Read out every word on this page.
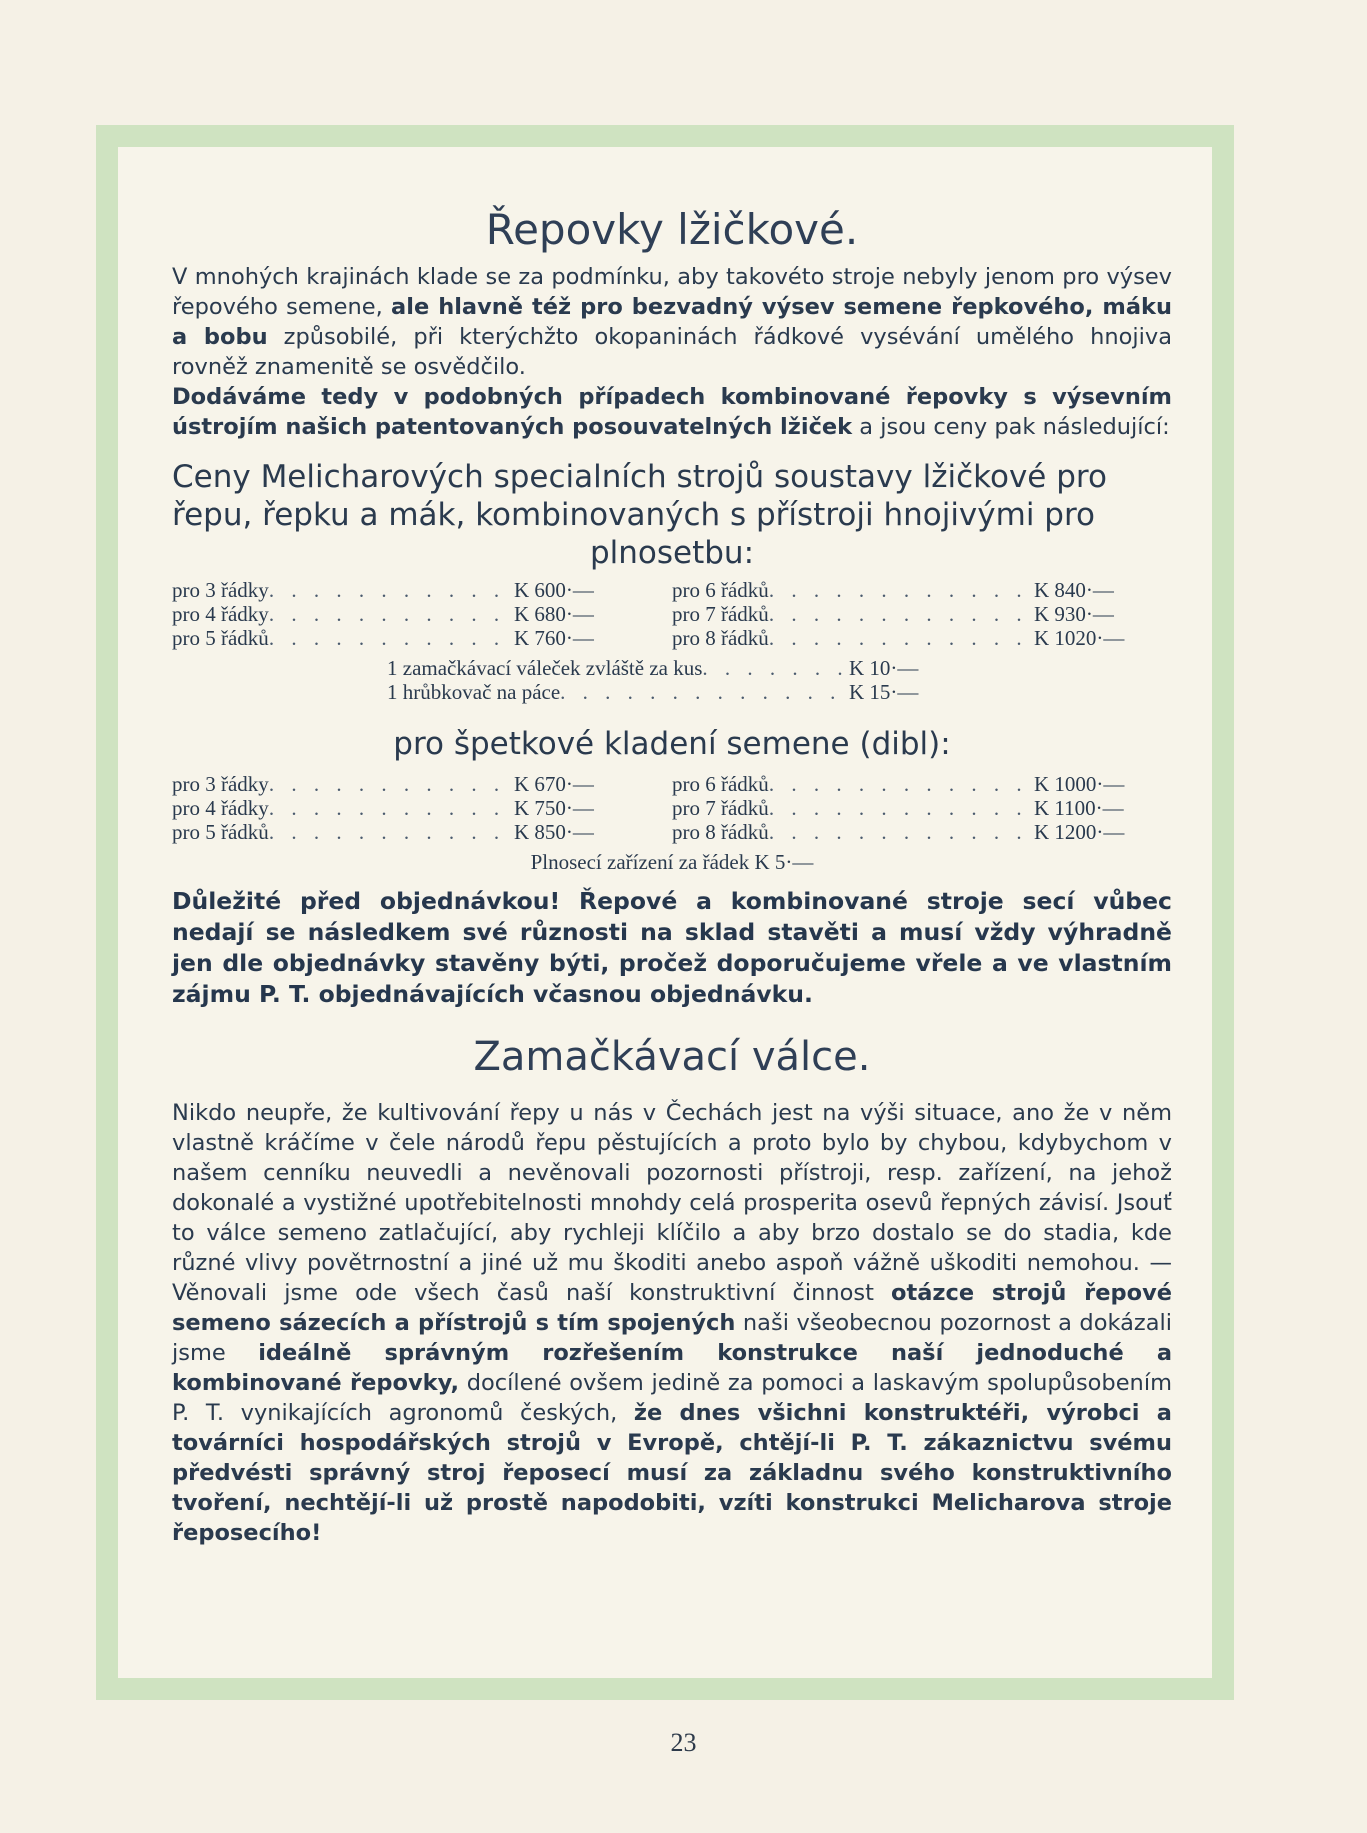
Řepovky lžičkové.

V mnohých krajinách klade se za podmínku, aby takovéto stroje nebyly jenom pro výsev řepového semene, ale hlavně též pro bezvadný výsev semene řepkového, máku a bobu způsobilé, při kterýchžto okopaninách řádkové vysévání umělého hnojiva rovněž znamenitě se osvědčilo.

Dodáváme tedy v podobných případech kombinované řepovky s výsevním ústrojím našich patentovaných posouvatelných lžiček a jsou ceny pak následující:

Ceny Melicharových specialních strojů soustavy lžičkové pro řepu, řepku a mák, kombinovaných s přístroji hnojivými pro

plnosetbu:
pro 3 řádky . . .	K 600·—	pro 6 řádků . . .	K 840·—
pro 4 řádky . . .	K 680·—	pro 7 řádků . . .	K 930·—
pro 5 řádků . . .	K 760·—	pro 8 řádků . . .	K 1020·—
1 zamačkávací váleček zvláště za kus . . .	K 10·—
1 hrůbkovač na páce . . .	K 15·—
pro špetkové kladení semene (dibl):
pro 3 řádky . . .	K 670·—	pro 6 řádků . . .	K 1000·—
pro 4 řádky . . .	K 750·—	pro 7 řádků . . .	K 1100·—
pro 5 řádků . . .	K 850·—	pro 8 řádků . . .	K 1200·—
Plnosecí zařízení za řádek K 5·—
Důležité před objednávkou! Řepové a kombinované stroje secí vůbec nedají se následkem své různosti na sklad stavěti a musí vždy výhradně jen dle objednávky stavěny býti, pročež doporučujeme vřele a ve vlastním zájmu P. T. objednávajících včasnou objednávku.
Zamačkávací válce.

Nikdo neupře, že kultivování řepy u nás v Čechách jest na výši situace, ano že v něm vlastně kráčíme v čele národů řepu pěstujících a proto bylo by chybou, kdybychom v našem cenníku neuvedli a nevěnovali pozornosti přístroji, resp. zařízení, na jehož dokonalé a vystižné upotřebitelnosti mnohdy celá prosperita osevů řepných závisí. Jsouť to válce semeno zatlačující, aby rychleji klíčilo a aby brzo dostalo se do stadia, kde různé vlivy povětrnostní a jiné už mu škoditi anebo aspoň vážně uškoditi nemohou. — Věnovali jsme ode všech časů naší konstruktivní činnost otázce strojů řepové semeno sázecích a přístrojů s tím spojených naši všeobecnou pozornost a dokázali jsme ideálně správným rozřešením konstrukce naší jednoduché a kombinované řepovky, docílené ovšem jedině za pomoci a laskavým spolupůsobením P. T. vynikajících agronomů českých, že dnes všichni konstruktéři, výrobci a továrníci hospodářských strojů v Evropě, chtějí-li P. T. zákaznictvu svému předvésti správný stroj řeposecí musí za základnu svého konstruktivního tvoření, nechtějí-li už prostě napodobiti, vzíti konstrukci Melicharova stroje řeposecího!

23
